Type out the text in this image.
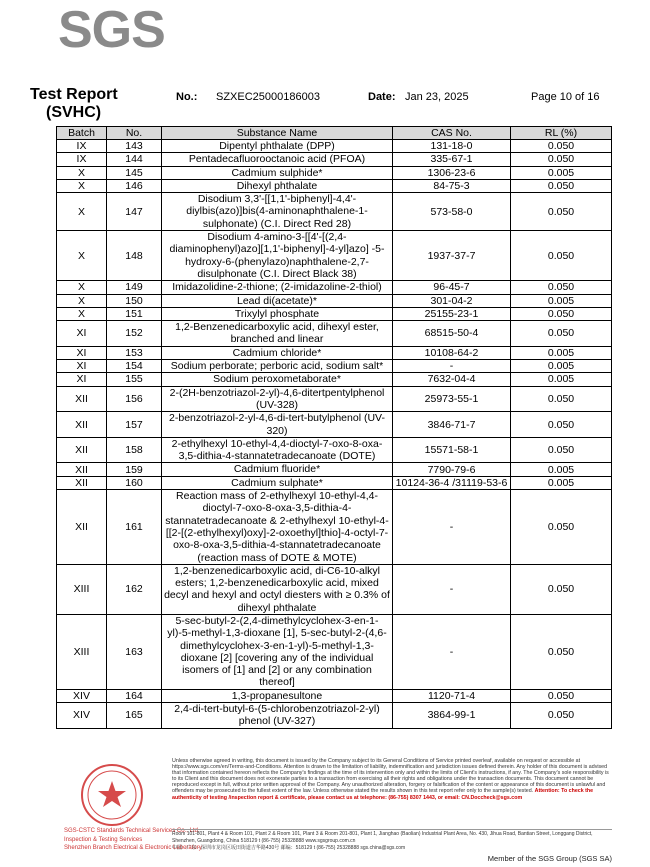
SGS
Test Report
(SVHC)
No.: SZXEC25000186003	Date: Jan 23, 2025	Page 10 of 16
Batch	No.	Substance Name	CAS No.	RL (%)
IX	143	Dipentyl phthalate (DPP)	131-18-0	0.050
IX	144	Pentadecafluorooctanoic acid (PFOA)	335-67-1	0.050
X	145	Cadmium sulphide*	1306-23-6	0.005
X	146	Dihexyl phthalate	84-75-3	0.050
X	147	Disodium 3,3'-[[1,1'-biphenyl]-4,4'-diylbis(azo)]bis(4-aminonaphthalene-1-sulphonate) (C.I. Direct Red 28)	573-58-0	0.050
X	148	Disodium 4-amino-3-[[4'-[(2,4-diaminophenyl)azo][1,1'-biphenyl]-4-yl]azo] -5-hydroxy-6-(phenylazo)naphthalene-2,7-disulphonate (C.I. Direct Black 38)	1937-37-7	0.050
X	149	Imidazolidine-2-thione; (2-imidazoline-2-thiol)	96-45-7	0.050
X	150	Lead di(acetate)*	301-04-2	0.005
X	151	Trixylyl phosphate	25155-23-1	0.050
XI	152	1,2-Benzenedicarboxylic acid, dihexyl ester, branched and linear	68515-50-4	0.050
XI	153	Cadmium chloride*	10108-64-2	0.005
XI	154	Sodium perborate; perboric acid, sodium salt*	-	0.005
XI	155	Sodium peroxometaborate*	7632-04-4	0.005
XII	156	2-(2H-benzotriazol-2-yl)-4,6-ditertpentylphenol (UV-328)	25973-55-1	0.050
XII	157	2-benzotriazol-2-yl-4,6-di-tert-butylphenol (UV-320)	3846-71-7	0.050
XII	158	2-ethylhexyl 10-ethyl-4,4-dioctyl-7-oxo-8-oxa-3,5-dithia-4-stannatetradecanoate (DOTE)	15571-58-1	0.050
XII	159	Cadmium fluoride*	7790-79-6	0.005
XII	160	Cadmium sulphate*	10124-36-4 /31119-53-6	0.005
XII	161	Reaction mass of 2-ethylhexyl 10-ethyl-4,4-dioctyl-7-oxo-8-oxa-3,5-dithia-4-stannatetradecanoate & 2-ethylhexyl 10-ethyl-4-[[2-[(2-ethylhexyl)oxy]-2-oxoethyl]thio]-4-octyl-7-oxo-8-oxa-3,5-dithia-4-stannatetradecanoate (reaction mass of DOTE & MOTE)	-	0.050
XIII	162	1,2-benzenedicarboxylic acid, di-C6-10-alkyl esters; 1,2-benzenedicarboxylic acid, mixed decyl and hexyl and octyl diesters with ≥ 0.3% of dihexyl phthalate	-	0.050
XIII	163	5-sec-butyl-2-(2,4-dimethylcyclohex-3-en-1-yl)-5-methyl-1,3-dioxane [1], 5-sec-butyl-2-(4,6-dimethylcyclohex-3-en-1-yl)-5-methyl-1,3-dioxane [2] [covering any of the individual isomers of [1] and [2] or any combination thereof]	-	0.050
XIV	164	1,3-propanesultone	1120-71-4	0.050
XIV	165	2,4-di-tert-butyl-6-(5-chlorobenzotriazol-2-yl) phenol (UV-327)	3864-99-1	0.050
SGS-CSTC Standards Technical Services Co., Ltd.
Inspection & Testing Services
Shenzhen Branch Electrical & Electronic Laboratory
Unless otherwise agreed in writing, this document is issued by the Company subject to its General Conditions of Service printed overleaf, available on request or accessible at https://www.sgs.com/en/Terms-and-Conditions. Attention is drawn to the limitation of liability, indemnification and jurisdiction issues defined therein. Any holder of this document is advised that information contained hereon reflects the Company's findings at the time of its intervention only and within the limits of Client's instructions, if any. The Company's sole responsibility is to its Client and this document does not exonerate parties to a transaction from exercising all their rights and obligations under the transaction documents. This document cannot be reproduced except in full, without prior written approval of the Company. Any unauthorized alteration, forgery or falsification of the content or appearance of this document is unlawful and offenders may be prosecuted to the fullest extent of the law. Unless otherwise stated the results shown in this test report refer only to the sample(s) tested. Attention: To check the authenticity of testing /inspection report & certificate, please contact us at telephone: (86-755) 8307 1443, or email: CN.Doccheck@sgs.com
Room 101-801, Plant 4 & Room 101, Plant 2 & Room 101, Plant 3 & Room 201-801, Plant 1, Jianghao (Baolian) Industrial Plant Area, No. 430, Jihua Road, Bantian Street, Longgang District, Shenzhen, Guangdong, China 518129 t (86-755) 25328888 www.sgsgroup.com.cn
中国 · 广东 · 深圳市龙岗区坂田街道吉华路430号 邮编：518129 t (86-755) 25328888 sgs.china@sgs.com
Member of the SGS Group (SGS SA)
